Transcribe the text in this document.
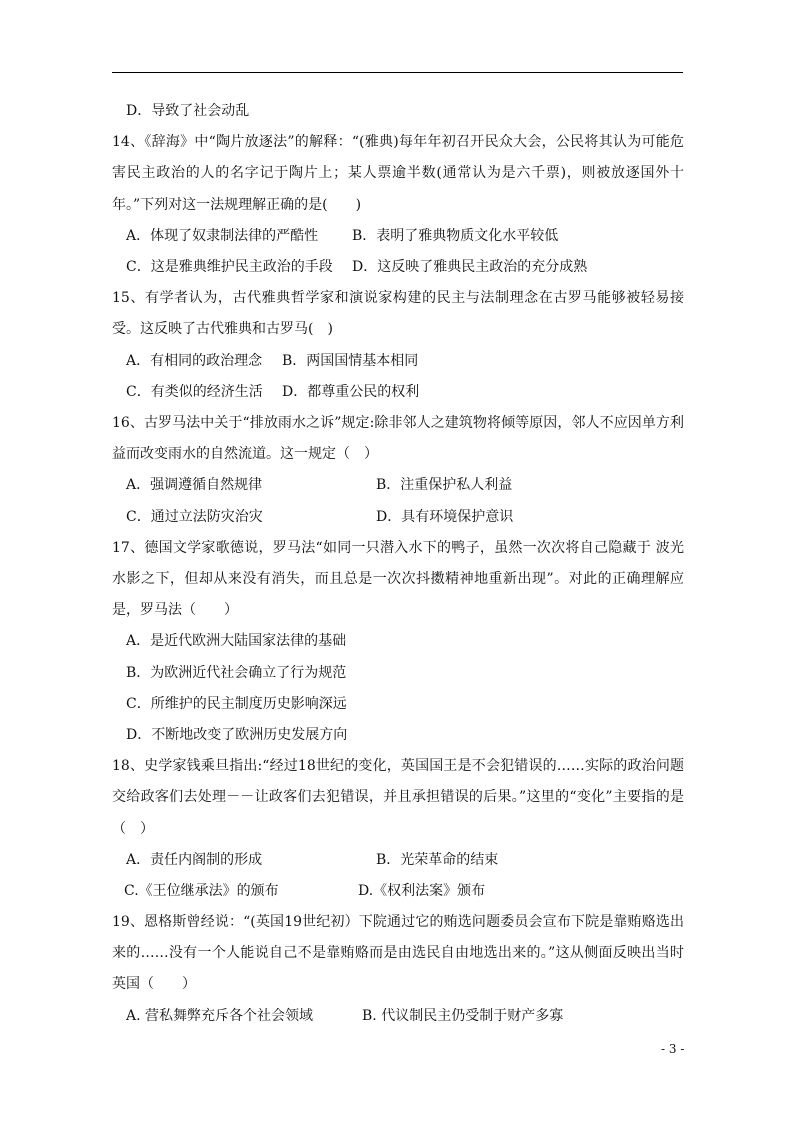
D．导致了社会动乱
14、《辞海》中“陶片放逐法”的解释：“(雅典)每年年初召开民众大会，公民将其认为可能危害民主政治的人的名字记于陶片上；某人票逾半数(通常认为是六千票)，则被放逐国外十年。”下列对这一法规理解正确的是(　　)
A．体现了奴隶制法律的严酷性	B．表明了雅典物质文化水平较低
C．这是雅典维护民主政治的手段	D．这反映了雅典民主政治的充分成熟
15、有学者认为，古代雅典哲学家和演说家构建的民主与法制理念在古罗马能够被轻易接受。这反映了古代雅典和古罗马(　)
A．有相同的政治理念	B．两国国情基本相同
C．有类似的经济生活	D．都尊重公民的权利
16、古罗马法中关于“排放雨水之诉”规定:除非邻人之建筑物将倾等原因，邻人不应因单方利益而改变雨水的自然流道。这一规定（　）
A．强调遵循自然规律	B．注重保护私人利益
C．通过立法防灾治灾	D．具有环境保护意识
17、德国文学家歌德说，罗马法“如同一只潜入水下的鸭子，虽然一次次将自己隐藏于 波光水影之下，但却从来没有消失，而且总是一次次抖擞精神地重新出现”。对此的正确理解应是，罗马法（　　）
A．是近代欧洲大陆国家法律的基础
B．为欧洲近代社会确立了行为规范
C．所维护的民主制度历史影响深远
D．不断地改变了欧洲历史发展方向
18、史学家钱乘旦指出:“经过18世纪的变化，英国国王是不会犯错误的……实际的政治问题交给政客们去处理－－让政客们去犯错误，并且承担错误的后果。”这里的“变化”主要指的是（　）
A．责任内阁制的形成	B．光荣革命的结束
C.《王位继承法》的颁布	D.《权利法案》颁布
19、恩格斯曾经说：“(英国19世纪初）下院通过它的贿选问题委员会宣布下院是靠贿赂选出来的……没有一个人能说自己不是靠贿赂而是由选民自由地选出来的。”这从侧面反映出当时英国（　　）
A. 营私舞弊充斥各个社会领域	B. 代议制民主仍受制于财产多寡
- 3 -
